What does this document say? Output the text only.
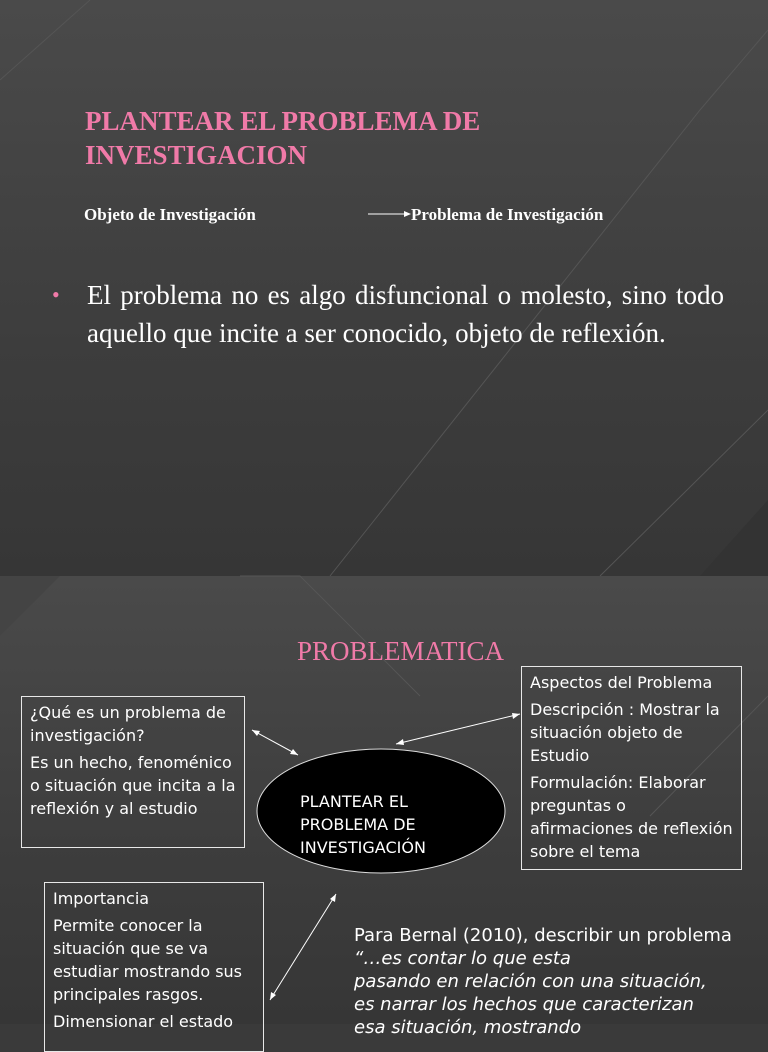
PLANTEAR EL PROBLEMA DE
INVESTIGACION
Objeto de Investigación	Problema de Investigación
• El problema no es algo disfuncional o molesto, sino todo aquello que incite a ser conocido, objeto de reflexión.
PROBLEMATICA

¿Qué es un problema de investigación?

Es un hecho, fenoménico o situación que incita a la reflexión y al estudio	PLANTEAR EL
PROBLEMA DE
INVESTIGACIÓN

Aspectos del Problema

Descripción : Mostrar la situación objeto de Estudio

Formulación: Elaborar preguntas o afirmaciones de reflexión sobre el tema

Importancia

Permite conocer la situación que se va estudiar mostrando sus principales rasgos.

Dimensionar el estado

Para Bernal (2010), describir un problema “…es contar lo que esta
pasando en relación con una situación,
es narrar los hechos que caracterizan
esa situación, mostrando
